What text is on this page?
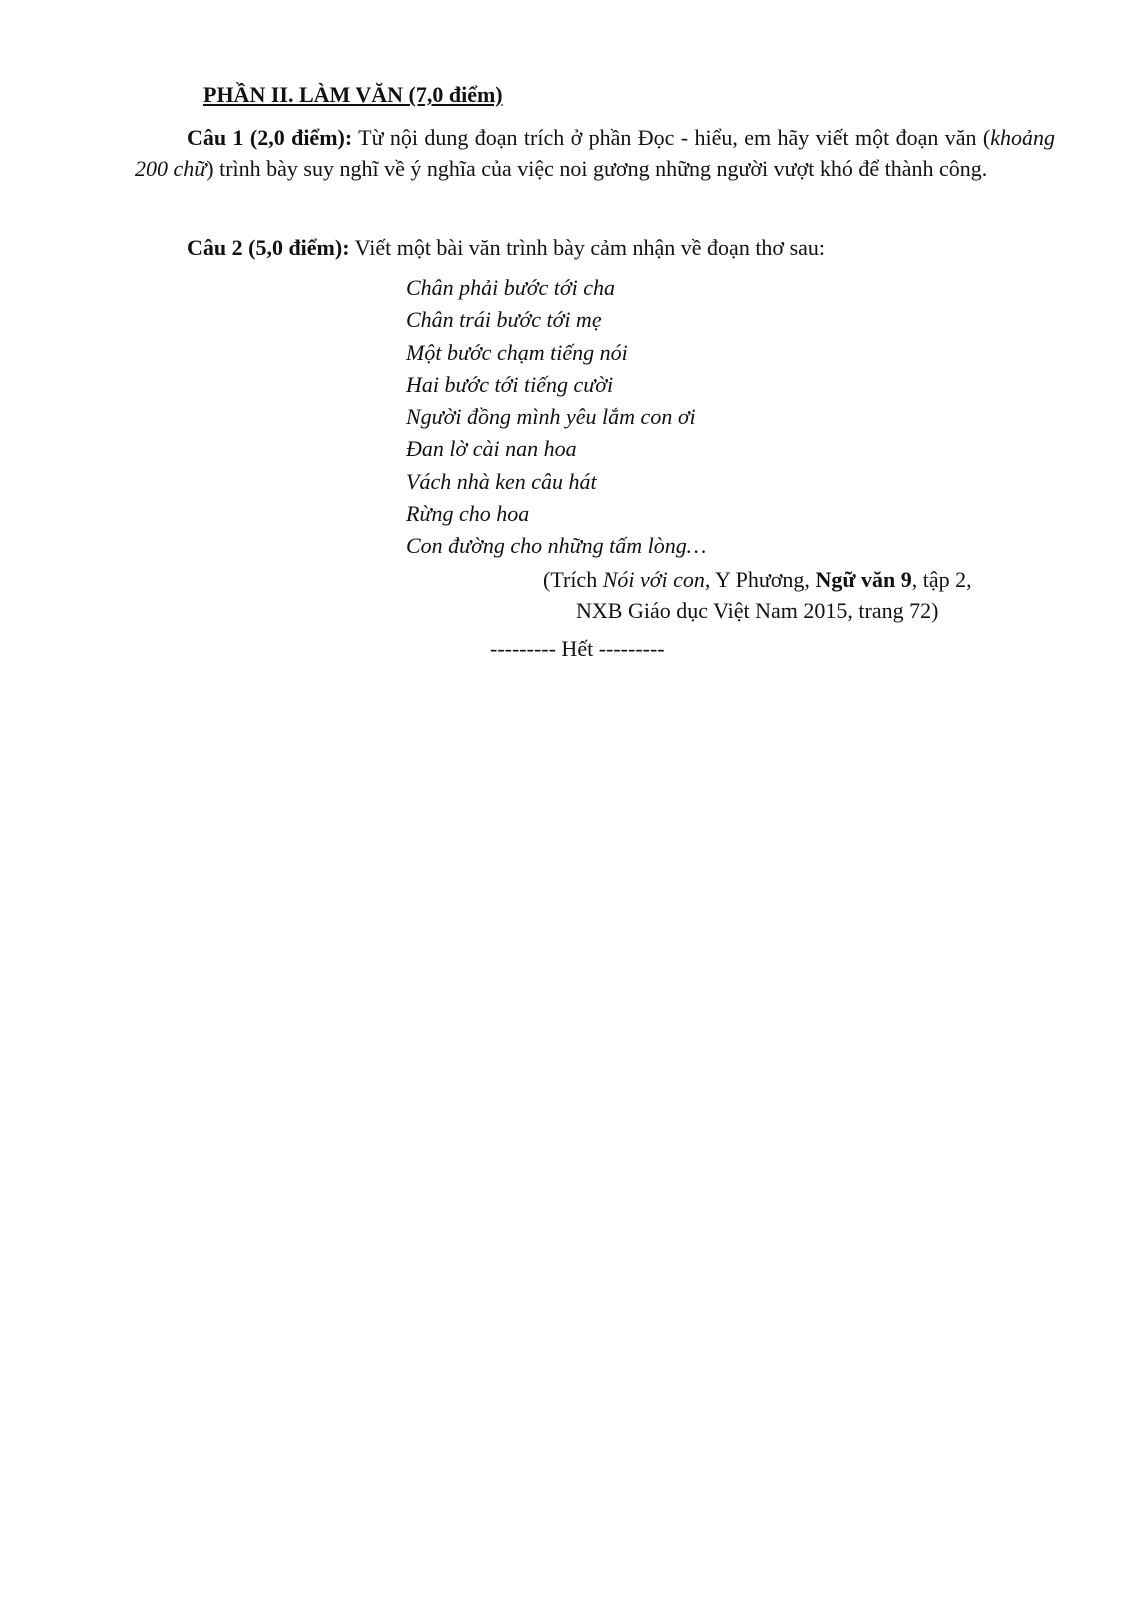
PHẦN II. LÀM VĂN (7,0 điểm)
Câu 1 (2,0 điểm): Từ nội dung đoạn trích ở phần Đọc - hiểu, em hãy viết một đoạn văn (khoảng 200 chữ) trình bày suy nghĩ về ý nghĩa của việc noi gương những người vượt khó để thành công.
Câu 2 (5,0 điểm): Viết một bài văn trình bày cảm nhận về đoạn thơ sau:
Chân phải bước tới cha
Chân trái bước tới mẹ
Một bước chạm tiếng nói
Hai bước tới tiếng cười
Người đồng mình yêu lắm con ơi
Đan lờ cài nan hoa
Vách nhà ken câu hát
Rừng cho hoa
Con đường cho những tấm lòng…
(Trích Nói với con, Y Phương, Ngữ văn 9, tập 2,
NXB Giáo dục Việt Nam 2015, trang 72)
--------- Hết ---------
